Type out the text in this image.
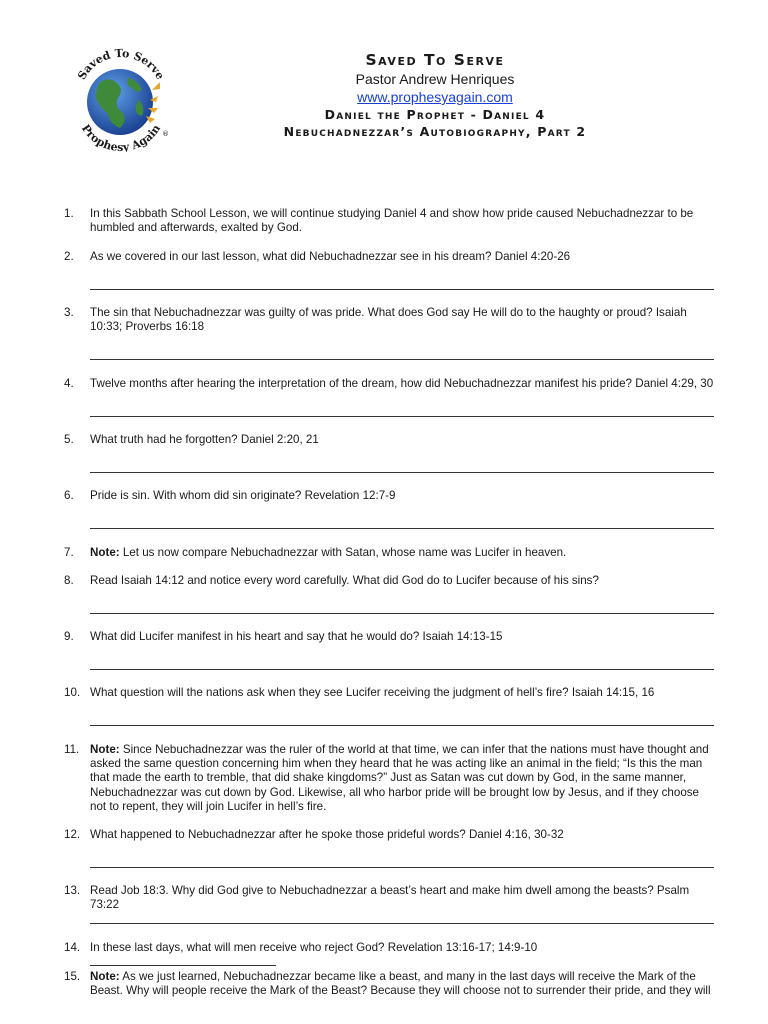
Saved To Serve
Prophesy Again
®
Saved To Serve
Pastor Andrew Henriques
www.prophesyagain.com
Daniel the Prophet - Daniel 4
Nebuchadnezzar’s Autobiography, Part 2
1. In this Sabbath School Lesson, we will continue studying Daniel 4 and show how pride caused Nebuchadnezzar to be humbled and afterwards, exalted by God.
2. As we covered in our last lesson, what did Nebuchadnezzar see in his dream? Daniel 4:20-26
3. The sin that Nebuchadnezzar was guilty of was pride. What does God say He will do to the haughty or proud? Isaiah 10:33; Proverbs 16:18
4. Twelve months after hearing the interpretation of the dream, how did Nebuchadnezzar manifest his pride? Daniel 4:29, 30
5. What truth had he forgotten? Daniel 2:20, 21
6. Pride is sin. With whom did sin originate? Revelation 12:7-9
7. Note: Let us now compare Nebuchadnezzar with Satan, whose name was Lucifer in heaven.
8. Read Isaiah 14:12 and notice every word carefully. What did God do to Lucifer because of his sins?
9. What did Lucifer manifest in his heart and say that he would do? Isaiah 14:13-15
10. What question will the nations ask when they see Lucifer receiving the judgment of hell’s fire? Isaiah 14:15, 16
11. Note: Since Nebuchadnezzar was the ruler of the world at that time, we can infer that the nations must have thought and asked the same question concerning him when they heard that he was acting like an animal in the field; “Is this the man that made the earth to tremble, that did shake kingdoms?” Just as Satan was cut down by God, in the same manner, Nebuchadnezzar was cut down by God. Likewise, all who harbor pride will be brought low by Jesus, and if they choose not to repent, they will join Lucifer in hell’s fire.
12. What happened to Nebuchadnezzar after he spoke those prideful words? Daniel 4:16, 30-32
13. Read Job 18:3. Why did God give to Nebuchadnezzar a beast’s heart and make him dwell among the beasts? Psalm 73:22
14. In these last days, what will men receive who reject God? Revelation 13:16-17; 14:9-10
15. Note: As we just learned, Nebuchadnezzar became like a beast, and many in the last days will receive the Mark of the Beast. Why will people receive the Mark of the Beast? Because they will choose not to surrender their pride, and they will
